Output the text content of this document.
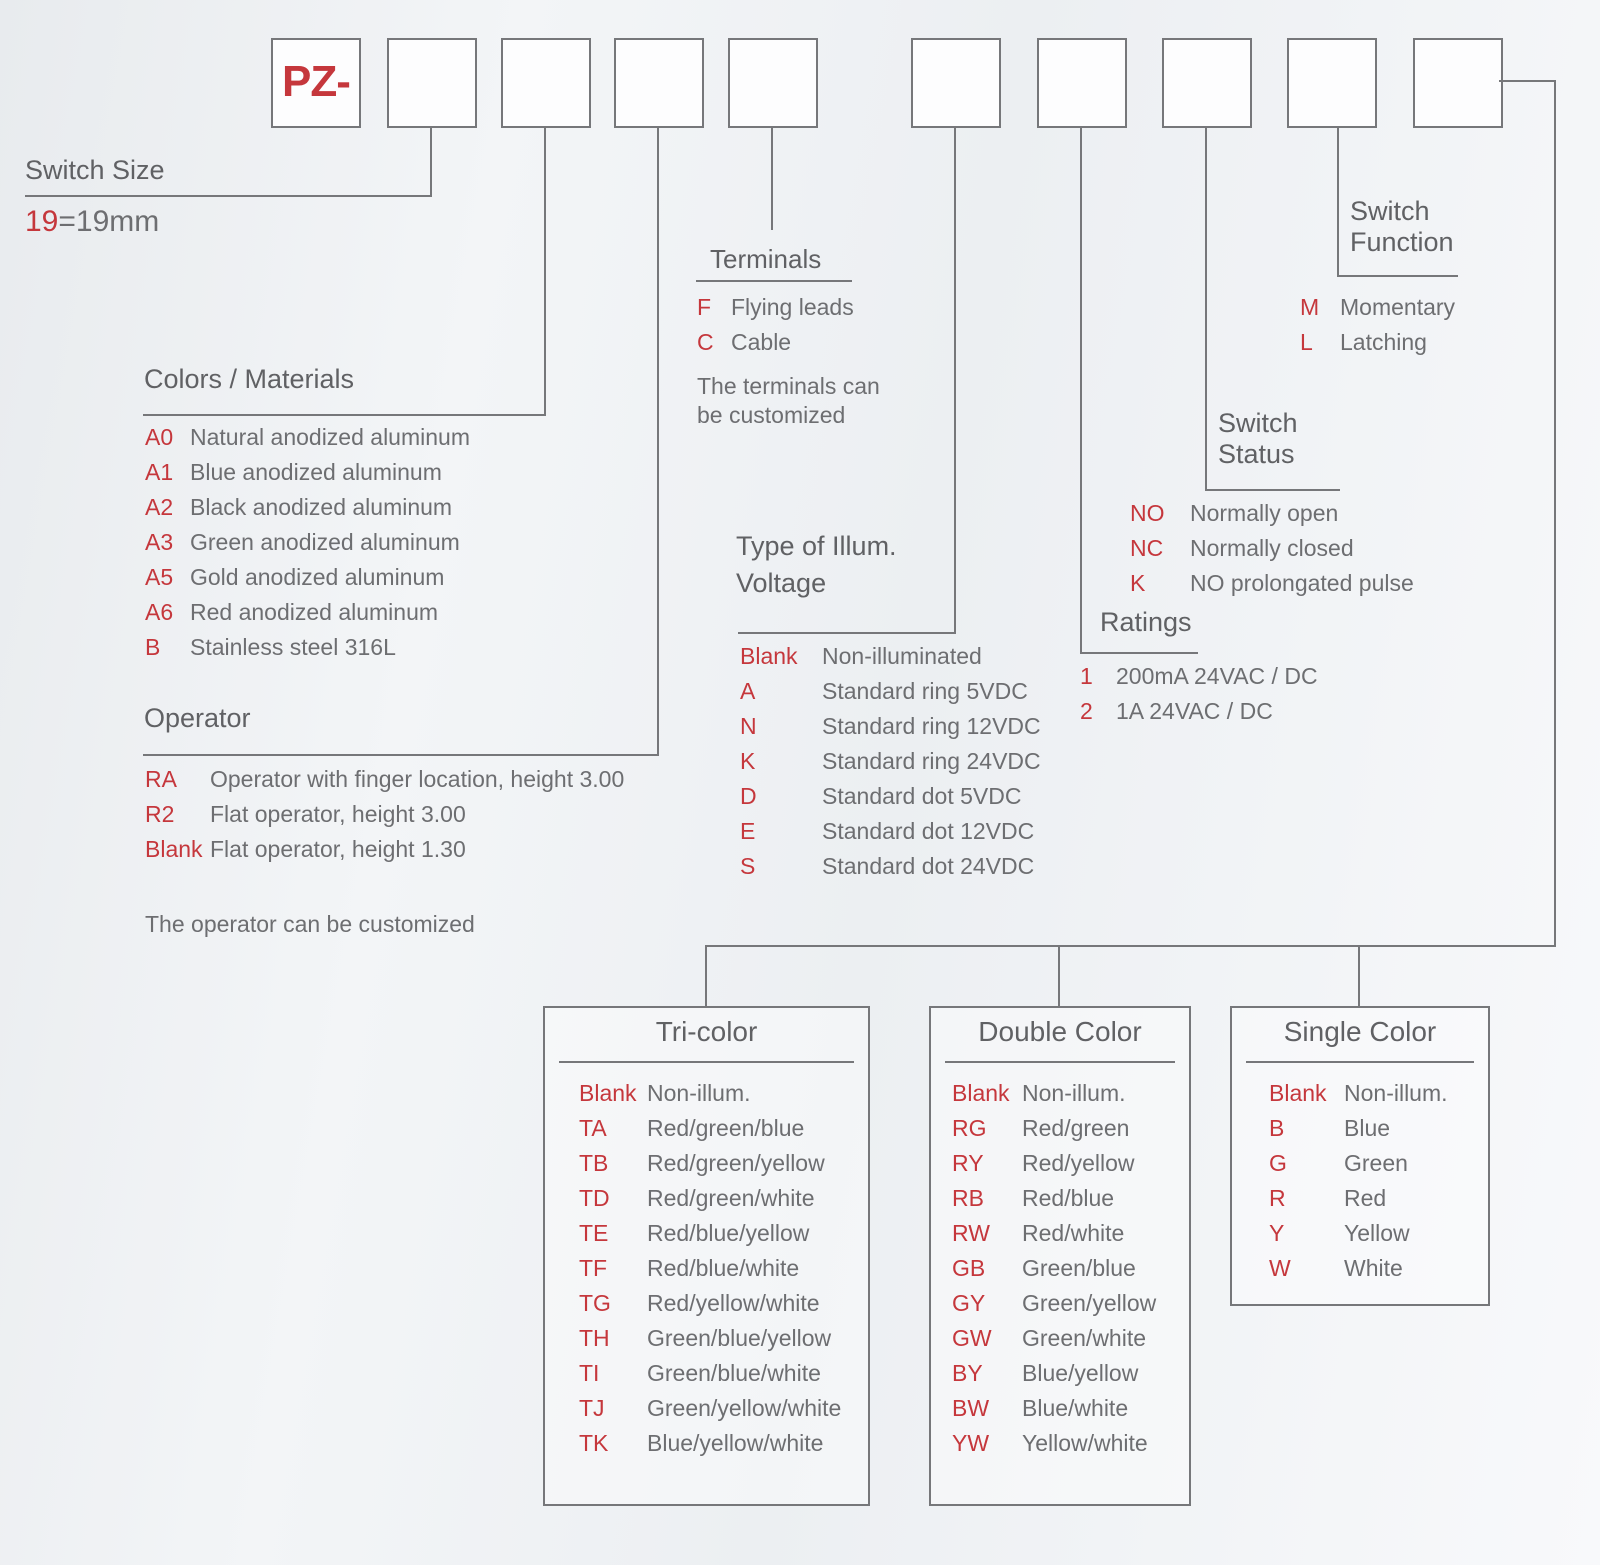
PZ-
Switch Size
19=19mm
Colors / Materials
A0 Natural anodized aluminum
A1 Blue anodized aluminum
A2 Black anodized aluminum
A3 Green anodized aluminum
A5 Gold anodized aluminum
A6 Red anodized aluminum
B	Stainless steel 316L
Operator
RA	Operator with finger location, height 3.00
R2	Flat operator, height 3.00
Blank Flat operator, height 1.30
The operator can be customized
Terminals
F Flying leads
C Cable
The terminals can
be customized
Type of Illum.
Voltage
Blank	Non-illuminated
A	Standard ring 5VDC
N	Standard ring 12VDC
K	Standard ring 24VDC
D	Standard dot 5VDC
E	Standard dot 12VDC
S	Standard dot 24VDC
Ratings
1	200mA 24VAC / DC
2	1A 24VAC / DC
Switch
Status
NO	Normally open
NC	Normally closed
K	NO prolongated pulse
Switch
Function
M Momentary
L	Latching
Tri-color
Blank Non-illum.
TA	Red/green/blue
TB	Red/green/yellow
TD	Red/green/white
TE	Red/blue/yellow
TF	Red/blue/white
TG	Red/yellow/white
TH	Green/blue/yellow
TI	Green/blue/white
TJ	Green/yellow/white
TK	Blue/yellow/white
Double Color
Blank Non-illum.
RG	Red/green
RY	Red/yellow
RB	Red/blue
RW	Red/white
GB	Green/blue
GY	Green/yellow
GW	Green/white
BY	Blue/yellow
BW	Blue/white
YW	Yellow/white
Single Color
Blank Non-illum.
B	Blue
G	Green
R	Red
Y	Yellow
W	White
